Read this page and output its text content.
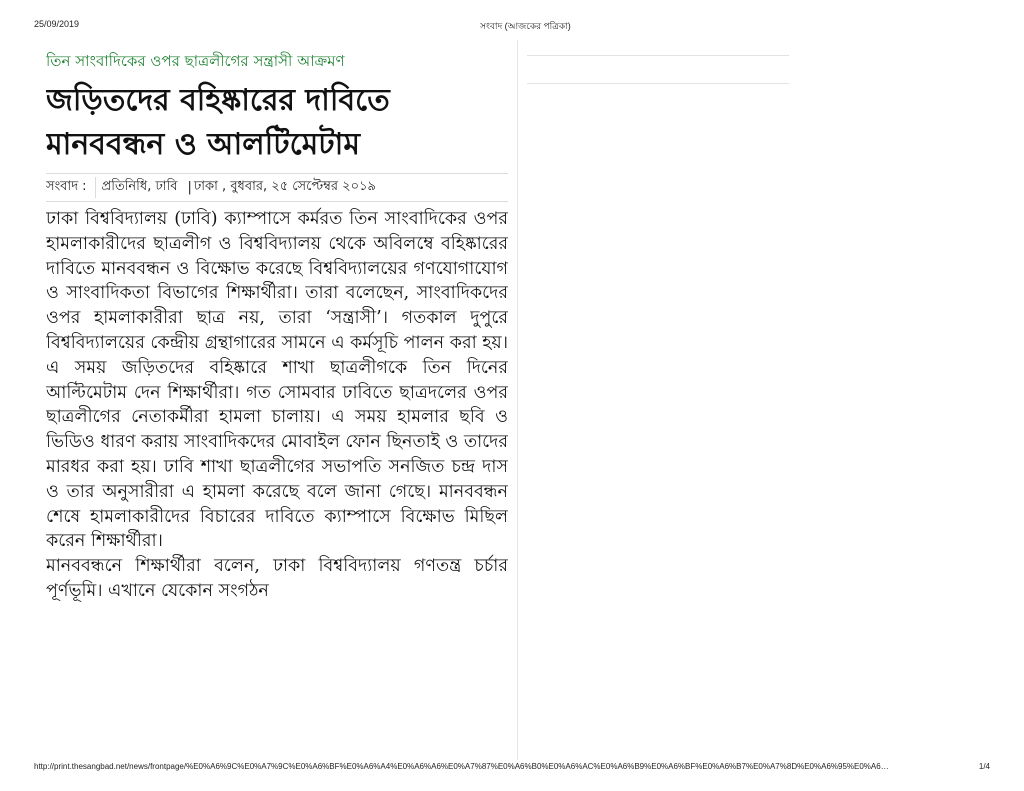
25/09/2019	সংবাদ (আজকের পত্রিকা)
তিন সাংবাদিকের ওপর ছাত্রলীগের সন্ত্রাসী আক্রমণ
জড়িতদের বহিষ্কারের দাবিতে
মানববন্ধন ও আলটিমেটাম
সংবাদ :	প্রতিনিধি, ঢাবি | ঢাকা , বুধবার, ২৫ সেপ্টেম্বর ২০১৯

ঢাকা বিশ্ববিদ্যালয় (ঢাবি) ক্যাম্পাসে কর্মরত তিন সাংবাদিকের ওপর হামলাকারীদের ছাত্রলীগ ও বিশ্ববিদ্যালয় থেকে অবিলম্বে বহিষ্কারের দাবিতে মানববন্ধন ও বিক্ষোভ করেছে বিশ্ববিদ্যালয়ের গণযোগাযোগ ও সাংবাদিকতা বিভাগের শিক্ষার্থীরা। তারা বলেছেন, সাংবাদিকদের ওপর হামলাকারীরা ছাত্র নয়, তারা ‘সন্ত্রাসী’। গতকাল দুপুরে বিশ্ববিদ্যালয়ের কেন্দ্রীয় গ্রন্থাগারের সামনে এ কর্মসূচি পালন করা হয়। এ সময় জড়িতদের বহিষ্কারে শাখা ছাত্রলীগকে তিন দিনের আল্টিমেটাম দেন শিক্ষার্থীরা। গত সোমবার ঢাবিতে ছাত্রদলের ওপর ছাত্রলীগের নেতাকর্মীরা হামলা চালায়। এ সময় হামলার ছবি ও ভিডিও ধারণ করায় সাংবাদিকদের মোবাইল ফোন ছিনতাই ও তাদের মারধর করা হয়। ঢাবি শাখা ছাত্রলীগের সভাপতি সনজিত চন্দ্র দাস ও তার অনুসারীরা এ হামলা করেছে বলে জানা গেছে। মানববন্ধন শেষে হামলাকারীদের বিচারের দাবিতে ক্যাম্পাসে বিক্ষোভ মিছিল করেন শিক্ষার্থীরা।

মানববন্ধনে শিক্ষার্থীরা বলেন, ঢাকা বিশ্ববিদ্যালয় গণতন্ত্র চর্চার পূর্ণভূমি। এখানে যেকোন সংগঠন

http://print.thesangbad.net/news/frontpage/%E0%A6%9C%E0%A7%9C%E0%A6%BF%E0%A6%A4%E0%A6%A6%E0%A7%87%E0%A6%B0%E0%A6%AC%E0%A6%B9%E0%A6%BF%E0%A6%B7%E0%A7%8D%E0%A6%95%E0%A6…	1/4
